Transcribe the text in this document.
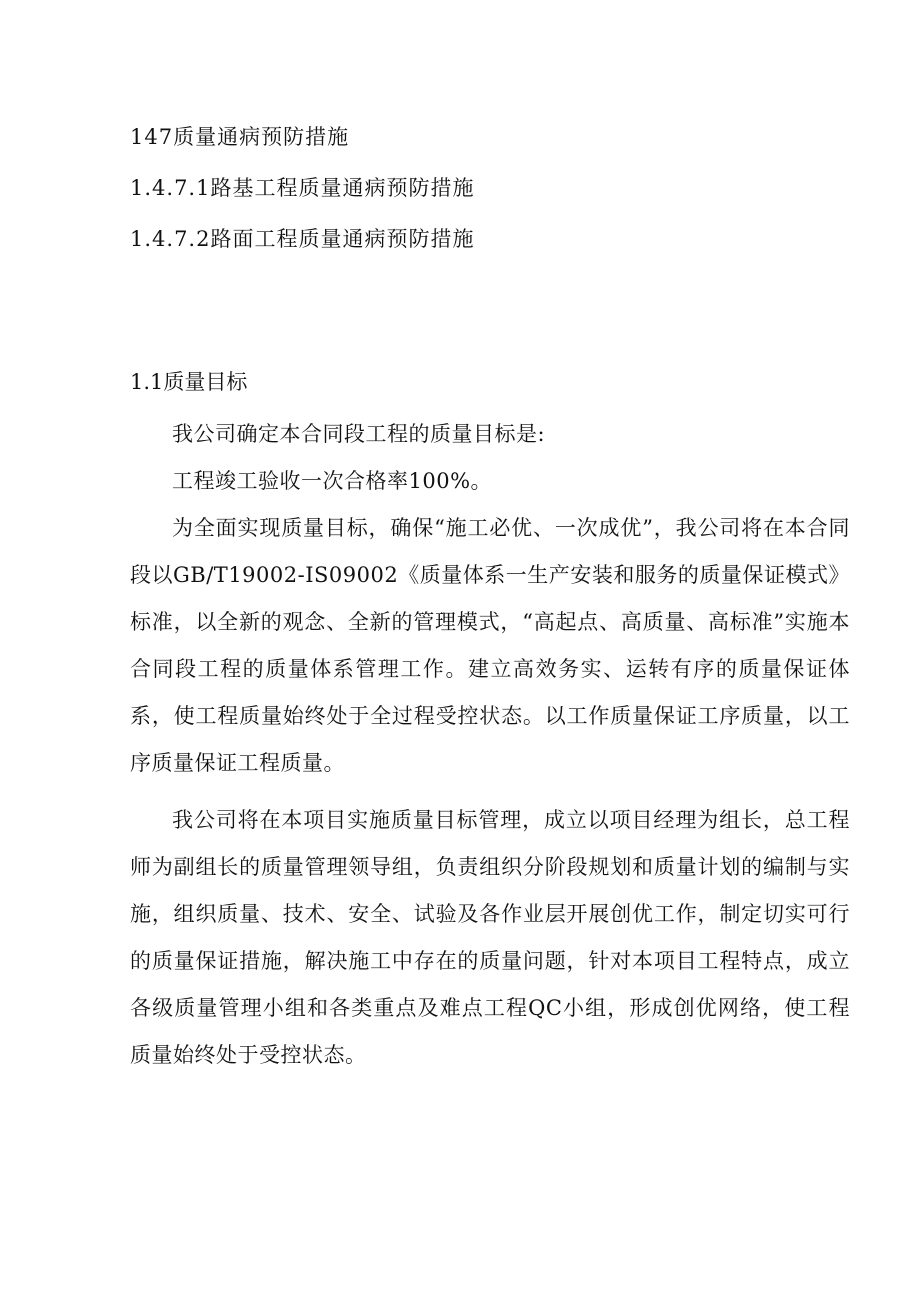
147质量通病预防措施
1.4.7.1路基工程质量通病预防措施
1.4.7.2路面工程质量通病预防措施
1.1质量目标

我公司确定本合同段工程的质量目标是:

工程竣工验收一次合格率100%。

为全面实现质量目标，确保“施工必优、一次成优”，我公司将在本合同段以GB/T19002-IS09002《质量体系一生产安装和服务的质量保证模式》标准，以全新的观念、全新的管理模式，“高起点、高质量、高标准”实施本合同段工程的质量体系管理工作。建立高效务实、运转有序的质量保证体系，使工程质量始终处于全过程受控状态。以工作质量保证工序质量，以工序质量保证工程质量。

我公司将在本项目实施质量目标管理，成立以项目经理为组长，总工程师为副组长的质量管理领导组，负责组织分阶段规划和质量计划的编制与实施，组织质量、技术、安全、试验及各作业层开展创优工作，制定切实可行的质量保证措施，解决施工中存在的质量问题，针对本项目工程特点，成立各级质量管理小组和各类重点及难点工程QC小组，形成创优网络，使工程质量始终处于受控状态。
